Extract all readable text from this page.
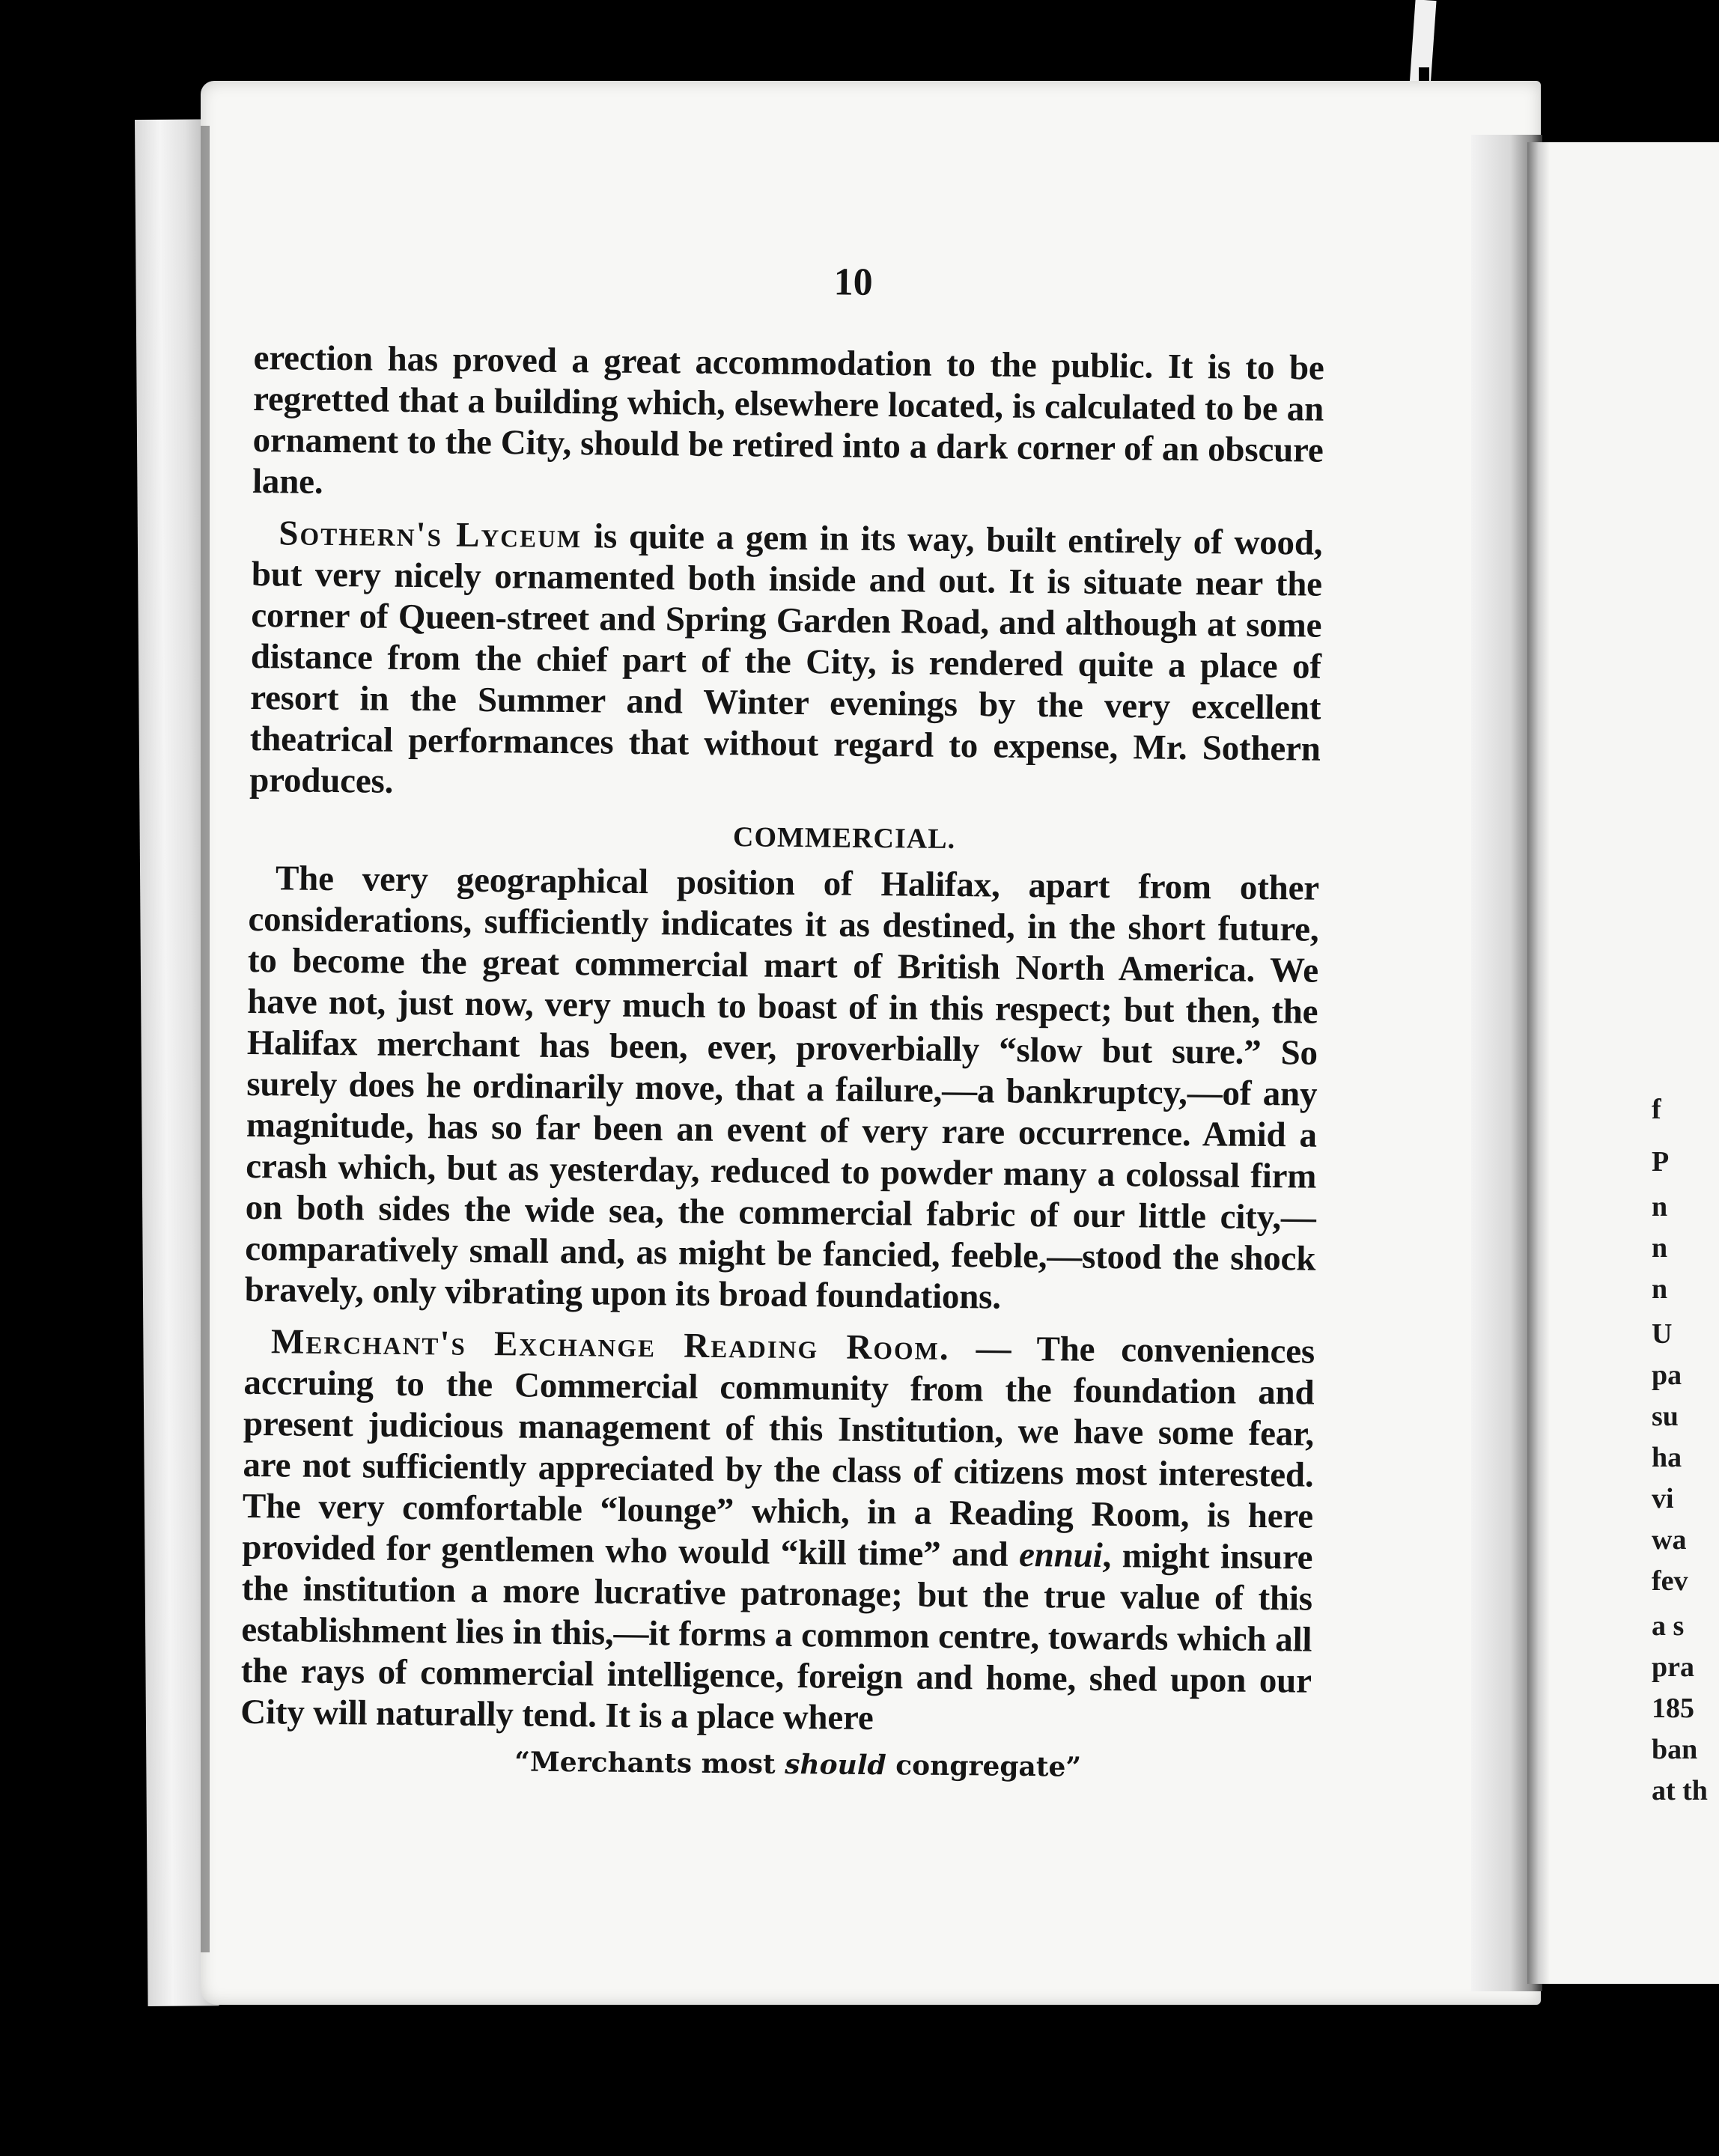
f
P
n
n
n
U
pa
su
ha
vi
wa
fev
a s
pra
185
ban
at th
10

erection has proved a great accommodation to the public. It is to be regretted that a building which, elsewhere located, is calculated to be an ornament to the City, should be retired into a dark corner of an obscure lane.

Sothern's Lyceum is quite a gem in its way, built entirely of wood, but very nicely ornamented both inside and out. It is situate near the corner of Queen-street and Spring Garden Road, and although at some distance from the chief part of the City, is rendered quite a place of resort in the Summer and Winter evenings by the very excellent theatrical performances that without regard to expense, Mr. Sothern produces.

COMMERCIAL.

The very geographical position of Halifax, apart from other considerations, sufficiently indicates it as destined, in the short future, to become the great commercial mart of British North America. We have not, just now, very much to boast of in this respect; but then, the Halifax merchant has been, ever, proverbially “slow but sure.” So surely does he ordinarily move, that a failure,—a bankruptcy,—of any magnitude, has so far been an event of very rare occurrence. Amid a crash which, but as yesterday, reduced to powder many a colossal firm on both sides the wide sea, the commercial fabric of our little city,—comparatively small and, as might be fancied, feeble,—stood the shock bravely, only vibrating upon its broad foundations.

Merchant's Exchange Reading Room. — The conveniences accruing to the Commercial community from the foundation and present judicious management of this Institution, we have some fear, are not sufficiently appreciated by the class of citizens most interested. The very comfortable “lounge” which, in a Reading Room, is here provided for gentlemen who would “kill time” and ennui, might insure the institution a more lucrative patronage; but the true value of this establishment lies in this,—it forms a common centre, towards which all the rays of commercial intelligence, foreign and home, shed upon our City will naturally tend. It is a place where

“Merchants most should congregate”
